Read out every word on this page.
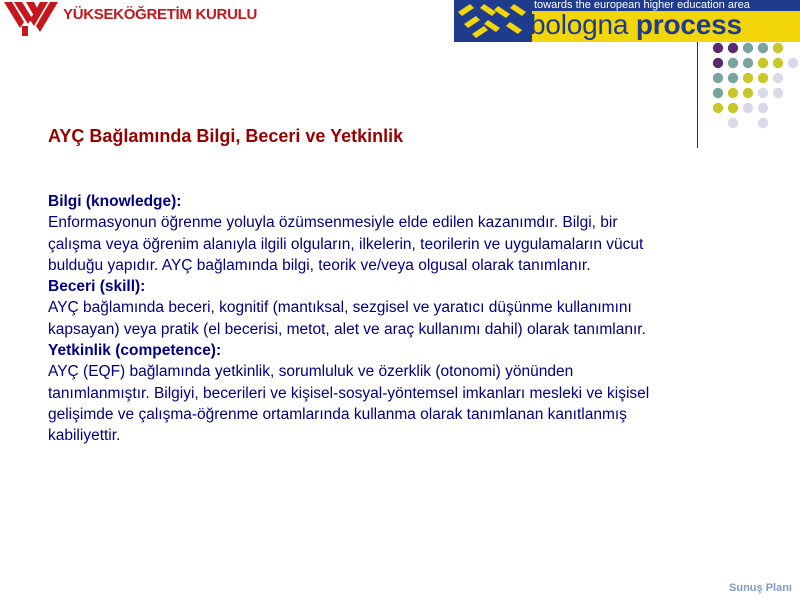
YÜKSEKÖĞRETİM KURULU
towards the european higher education area
bologna process
AYÇ Bağlamında Bilgi, Beceri ve Yetkinlik
Bilgi (knowledge):
Enformasyonun öğrenme yoluyla özümsenmesiyle elde edilen kazanımdır. Bilgi, bir
çalışma veya öğrenim alanıyla ilgili olguların, ilkelerin, teorilerin ve uygulamaların vücut
bulduğu yapıdır. AYÇ bağlamında bilgi, teorik ve/veya olgusal olarak tanımlanır.
Beceri (skill):
AYÇ bağlamında beceri, kognitif (mantıksal, sezgisel ve yaratıcı düşünme kullanımını
kapsayan) veya pratik (el becerisi, metot, alet ve araç kullanımı dahil) olarak tanımlanır.
Yetkinlik (competence):
AYÇ (EQF) bağlamında yetkinlik, sorumluluk ve özerklik (otonomi) yönünden
tanımlanmıştır. Bilgiyi, becerileri ve kişisel-sosyal-yöntemsel imkanları mesleki ve kişisel
gelişimde ve çalışma-öğrenme ortamlarında kullanma olarak tanımlanan kanıtlanmış
kabiliyettir.
Sunuş Planı
